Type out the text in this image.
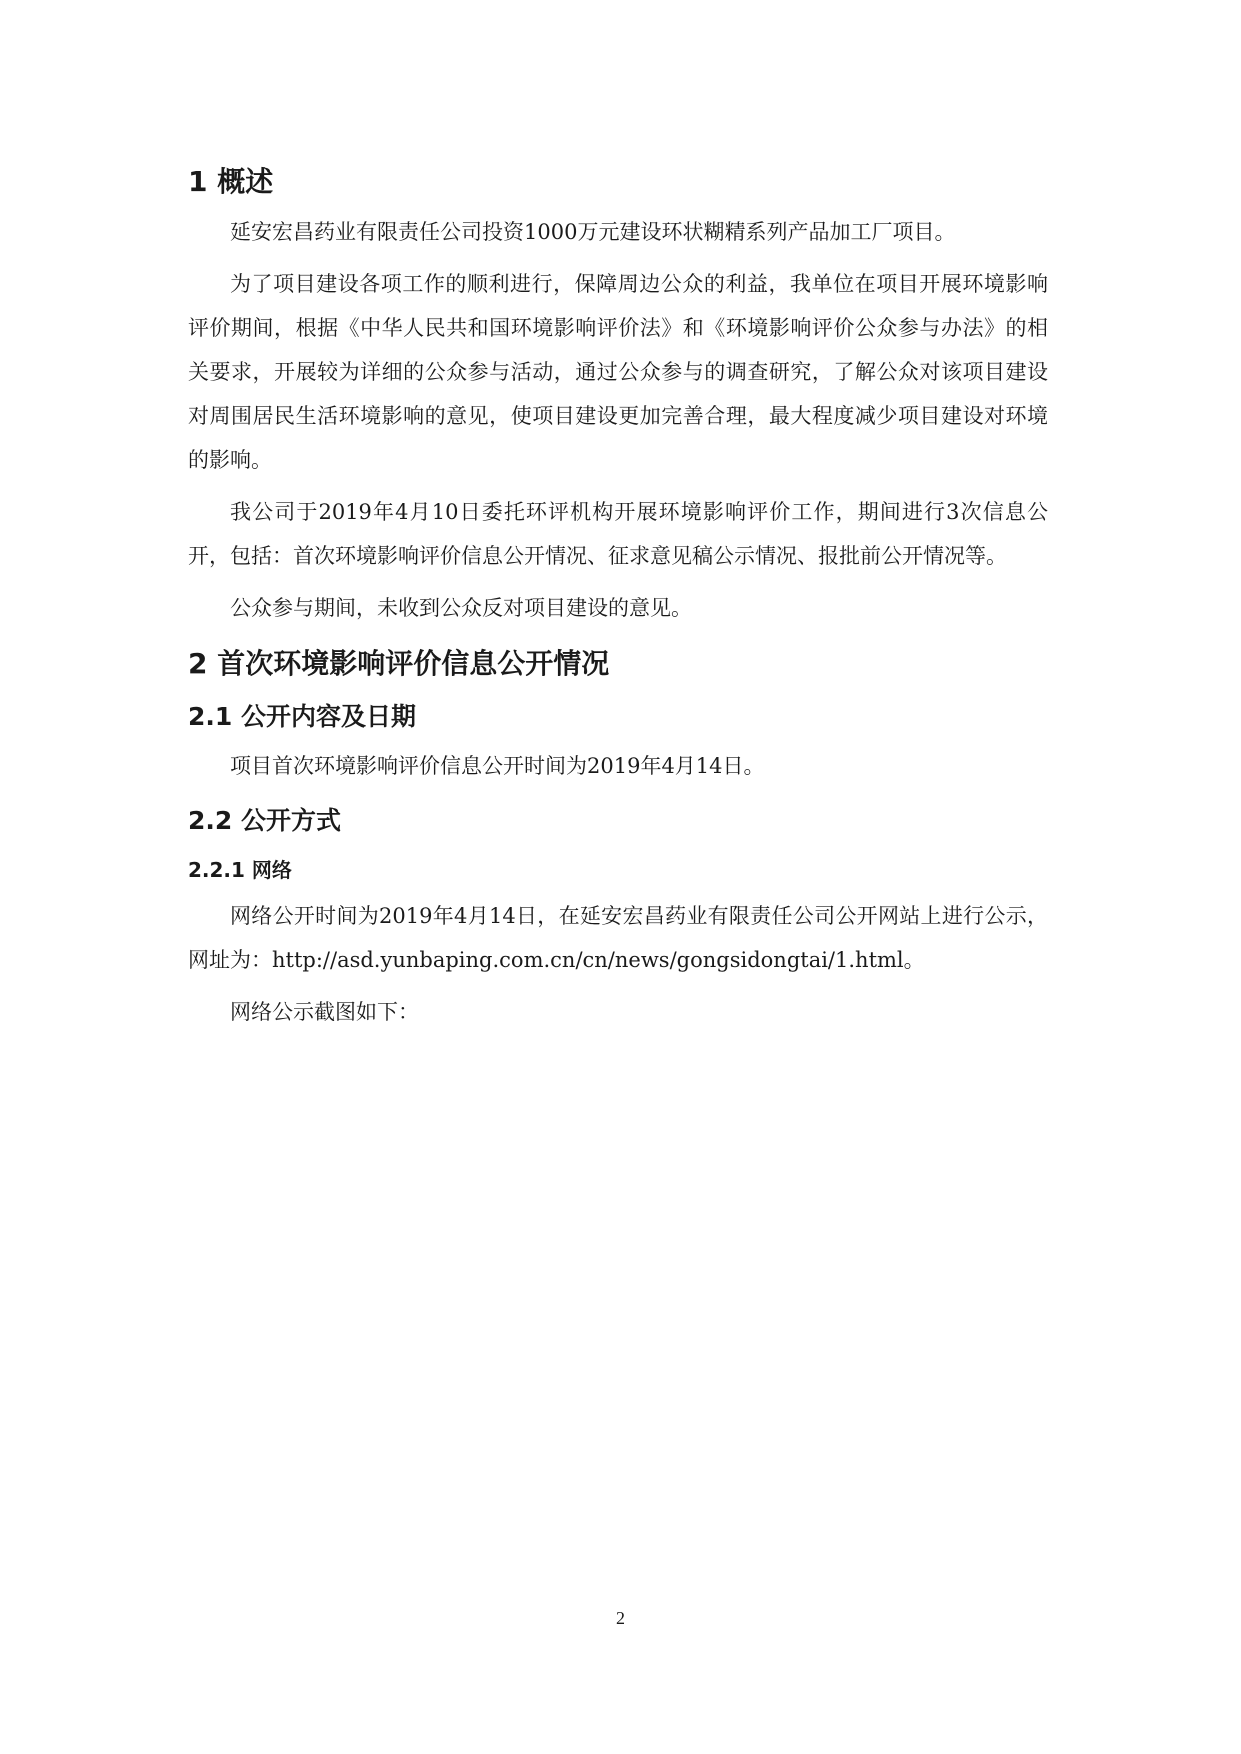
1 概述

延安宏昌药业有限责任公司投资1000万元建设环状糊精系列产品加工厂项目。

为了项目建设各项工作的顺利进行，保障周边公众的利益，我单位在项目开展环境影响评价期间，根据《中华人民共和国环境影响评价法》和《环境影响评价公众参与办法》的相关要求，开展较为详细的公众参与活动，通过公众参与的调查研究，了解公众对该项目建设对周围居民生活环境影响的意见，使项目建设更加完善合理，最大程度减少项目建设对环境的影响。

我公司于2019年4月10日委托环评机构开展环境影响评价工作，期间进行3次信息公开，包括：首次环境影响评价信息公开情况、征求意见稿公示情况、报批前公开情况等。

公众参与期间，未收到公众反对项目建设的意见。

2 首次环境影响评价信息公开情况
2.1 公开内容及日期

项目首次环境影响评价信息公开时间为2019年4月14日。

2.2 公开方式
2.2.1 网络

网络公开时间为2019年4月14日，在延安宏昌药业有限责任公司公开网站上进行公示，网址为：http://asd.yunbaping.com.cn/cn/news/gongsidongtai/1.html。

网络公示截图如下：

2
